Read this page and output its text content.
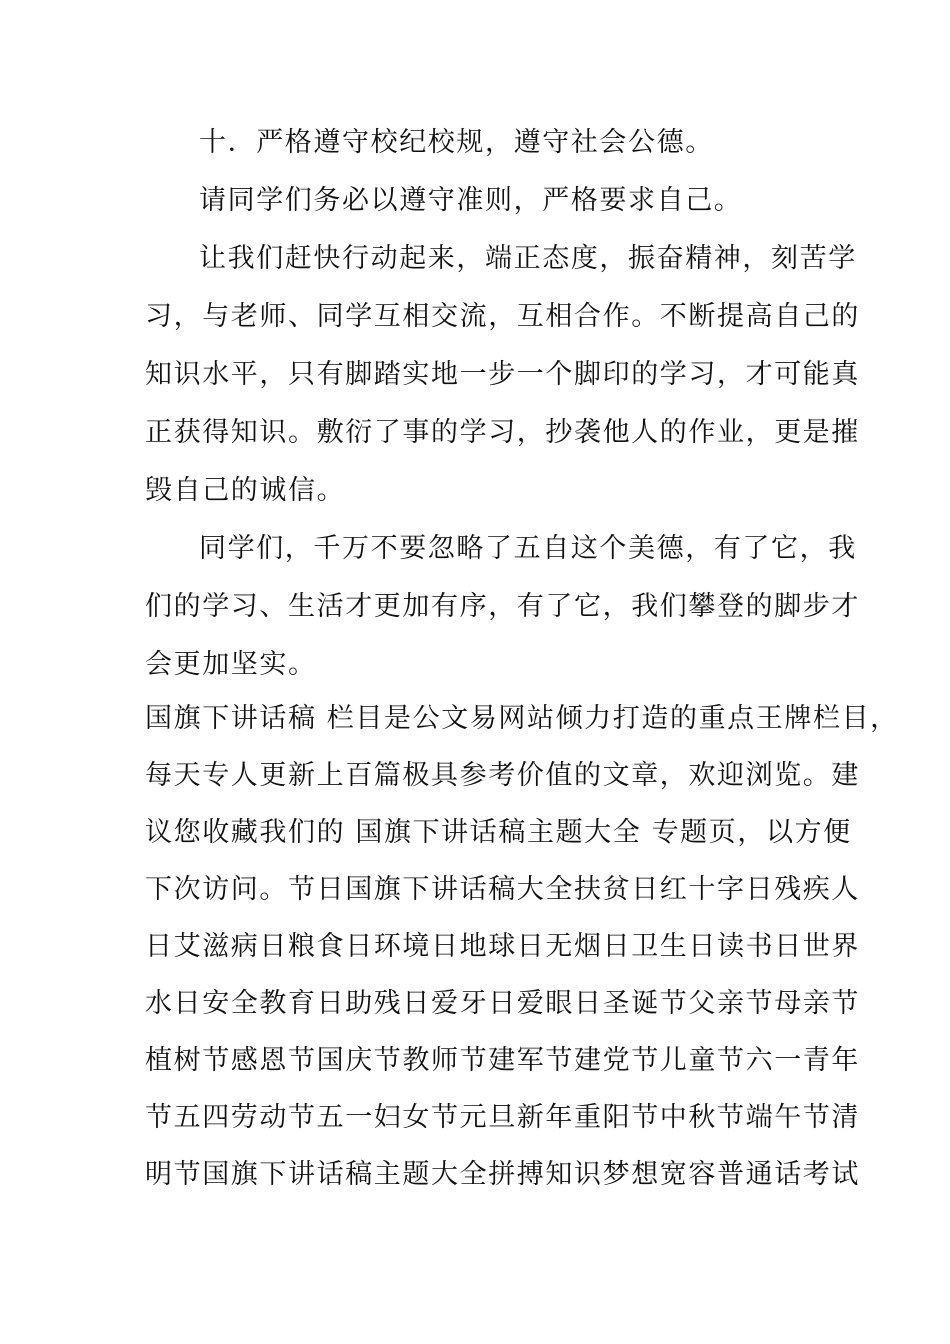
十．严格遵守校纪校规，遵守社会公德。
请同学们务必以遵守准则，严格要求自己。
让我们赶快行动起来，端正态度，振奋精神，刻苦学
习，与老师、同学互相交流，互相合作。不断提高自己的
知识水平，只有脚踏实地一步一个脚印的学习，才可能真
正获得知识。敷衍了事的学习，抄袭他人的作业，更是摧
毁自己的诚信。
同学们，千万不要忽略了五自这个美德，有了它，我
们的学习、生活才更加有序，有了它，我们攀登的脚步才
会更加坚实。
国旗下讲话稿 栏目是公文易网站倾力打造的重点王牌栏目，
每天专人更新上百篇极具参考价值的文章，欢迎浏览。建
议您收藏我们的 国旗下讲话稿主题大全 专题页，以方便
下次访问。节日国旗下讲话稿大全扶贫日红十字日残疾人
日艾滋病日粮食日环境日地球日无烟日卫生日读书日世界
水日安全教育日助残日爱牙日爱眼日圣诞节父亲节母亲节
植树节感恩节国庆节教师节建军节建党节儿童节六一青年
节五四劳动节五一妇女节元旦新年重阳节中秋节端午节清
明节国旗下讲话稿主题大全拼搏知识梦想宽容普通话考试
